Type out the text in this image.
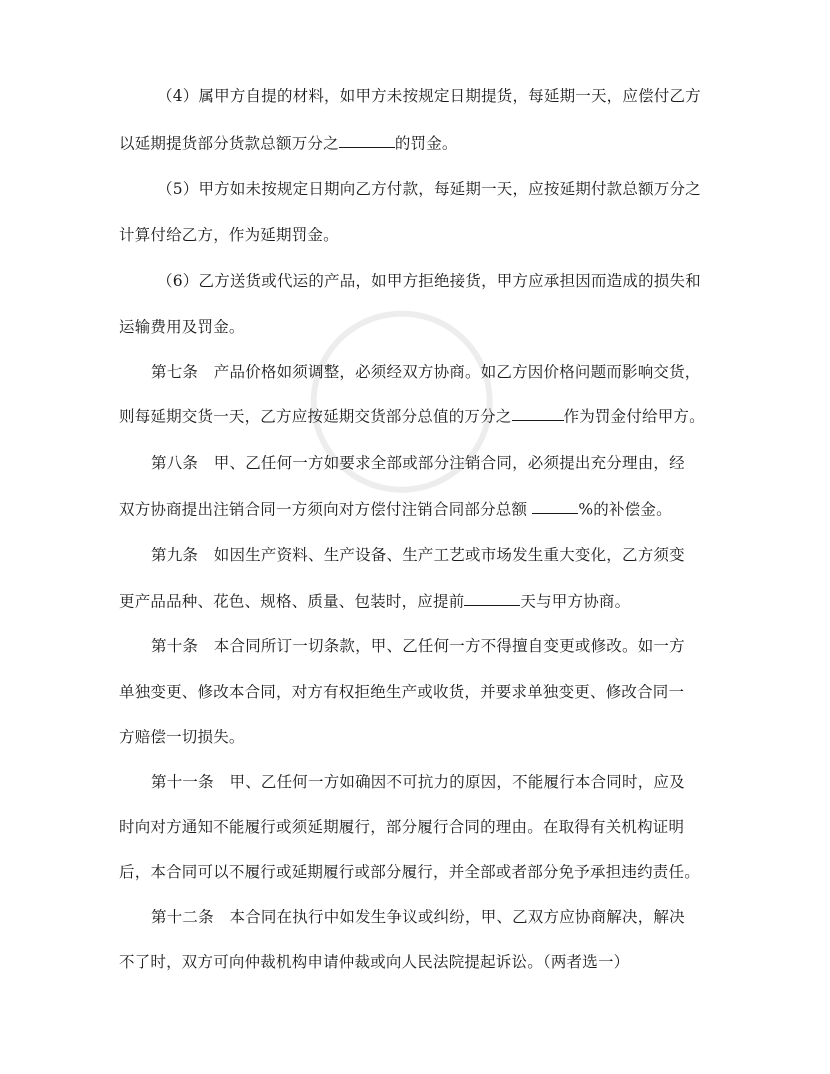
（4）属甲方自提的材料，如甲方未按规定日期提货，每延期一天，应偿付乙方
以延期提货部分货款总额万分之	的罚金。
（5）甲方如未按规定日期向乙方付款，每延期一天，应按延期付款总额万分之
计算付给乙方，作为延期罚金。
（6）乙方送货或代运的产品，如甲方拒绝接货，甲方应承担因而造成的损失和
运输费用及罚金。
第七条　产品价格如须调整，必须经双方协商。如乙方因价格问题而影响交货，
则每延期交货一天，乙方应按延期交货部分总值的万分之	作为罚金付给甲方。
第八条　甲、乙任何一方如要求全部或部分注销合同，必须提出充分理由，经
双方协商提出注销合同一方须向对方偿付注销合同部分总额	%的补偿金。
第九条　如因生产资料、生产设备、生产工艺或市场发生重大变化，乙方须变
更产品品种、花色、规格、质量、包装时，应提前	天与甲方协商。
第十条　本合同所订一切条款，甲、乙任何一方不得擅自变更或修改。如一方
单独变更、修改本合同，对方有权拒绝生产或收货，并要求单独变更、修改合同一
方赔偿一切损失。
第十一条　甲、乙任何一方如确因不可抗力的原因，不能履行本合同时，应及
时向对方通知不能履行或须延期履行，部分履行合同的理由。在取得有关机构证明
后，本合同可以不履行或延期履行或部分履行，并全部或者部分免予承担违约责任。
第十二条　本合同在执行中如发生争议或纠纷，甲、乙双方应协商解决，解决
不了时，双方可向仲裁机构申请仲裁或向人民法院提起诉讼。（两者选一）
